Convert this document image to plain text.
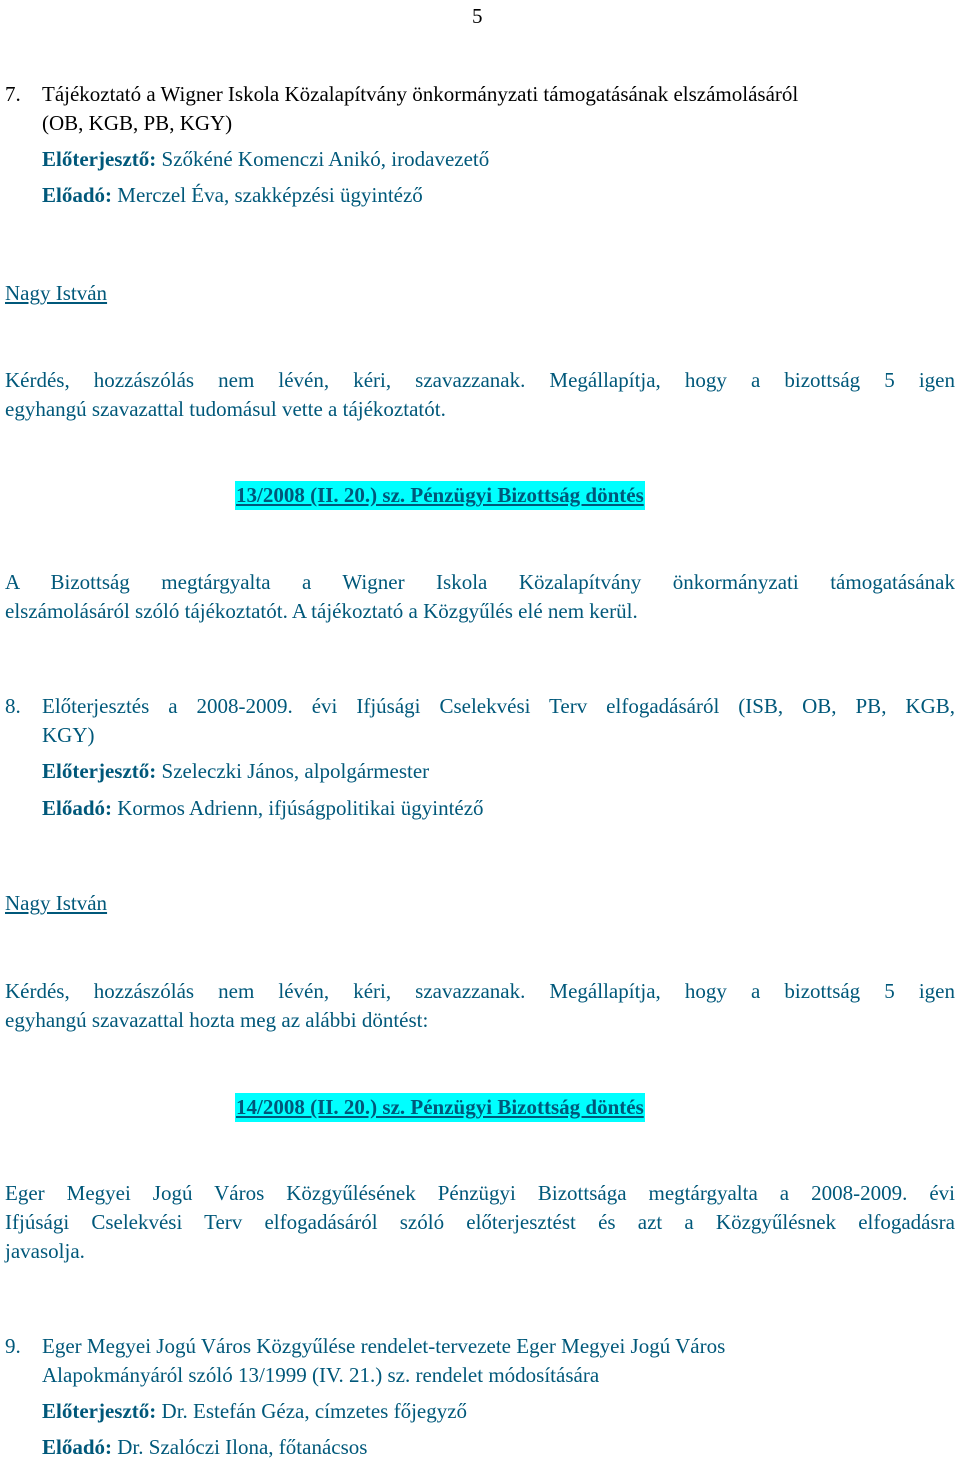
5
7. Tájékoztató a Wigner Iskola Közalapítvány önkormányzati támogatásának elszámolásáról
(OB, KGB, PB, KGY)
Előterjesztő: Szőkéné Komenczi Anikó, irodavezető
Előadó: Merczel Éva, szakképzési ügyintéző
Nagy István
Kérdés, hozzászólás nem lévén, kéri, szavazzanak. Megállapítja, hogy a bizottság 5 igen
egyhangú szavazattal tudomásul vette a tájékoztatót.
13/2008 (II. 20.) sz. Pénzügyi Bizottság döntés
A Bizottság megtárgyalta a Wigner Iskola Közalapítvány önkormányzati támogatásának
elszámolásáról szóló tájékoztatót. A tájékoztató a Közgyűlés elé nem kerül.
8. Előterjesztés a 2008-2009. évi Ifjúsági Cselekvési Terv elfogadásáról (ISB, OB, PB, KGB,
KGY)
Előterjesztő: Szeleczki János, alpolgármester
Előadó: Kormos Adrienn, ifjúságpolitikai ügyintéző
Nagy István
Kérdés, hozzászólás nem lévén, kéri, szavazzanak. Megállapítja, hogy a bizottság 5 igen
egyhangú szavazattal hozta meg az alábbi döntést:
14/2008 (II. 20.) sz. Pénzügyi Bizottság döntés
Eger Megyei Jogú Város Közgyűlésének Pénzügyi Bizottsága megtárgyalta a 2008-2009. évi
Ifjúsági Cselekvési Terv elfogadásáról szóló előterjesztést és azt a Közgyűlésnek elfogadásra
javasolja.
9. Eger Megyei Jogú Város Közgyűlése rendelet-tervezete Eger Megyei Jogú Város
Alapokmányáról szóló 13/1999 (IV. 21.) sz. rendelet módosítására
Előterjesztő: Dr. Estefán Géza, címzetes főjegyző
Előadó: Dr. Szalóczi Ilona, főtanácsos
